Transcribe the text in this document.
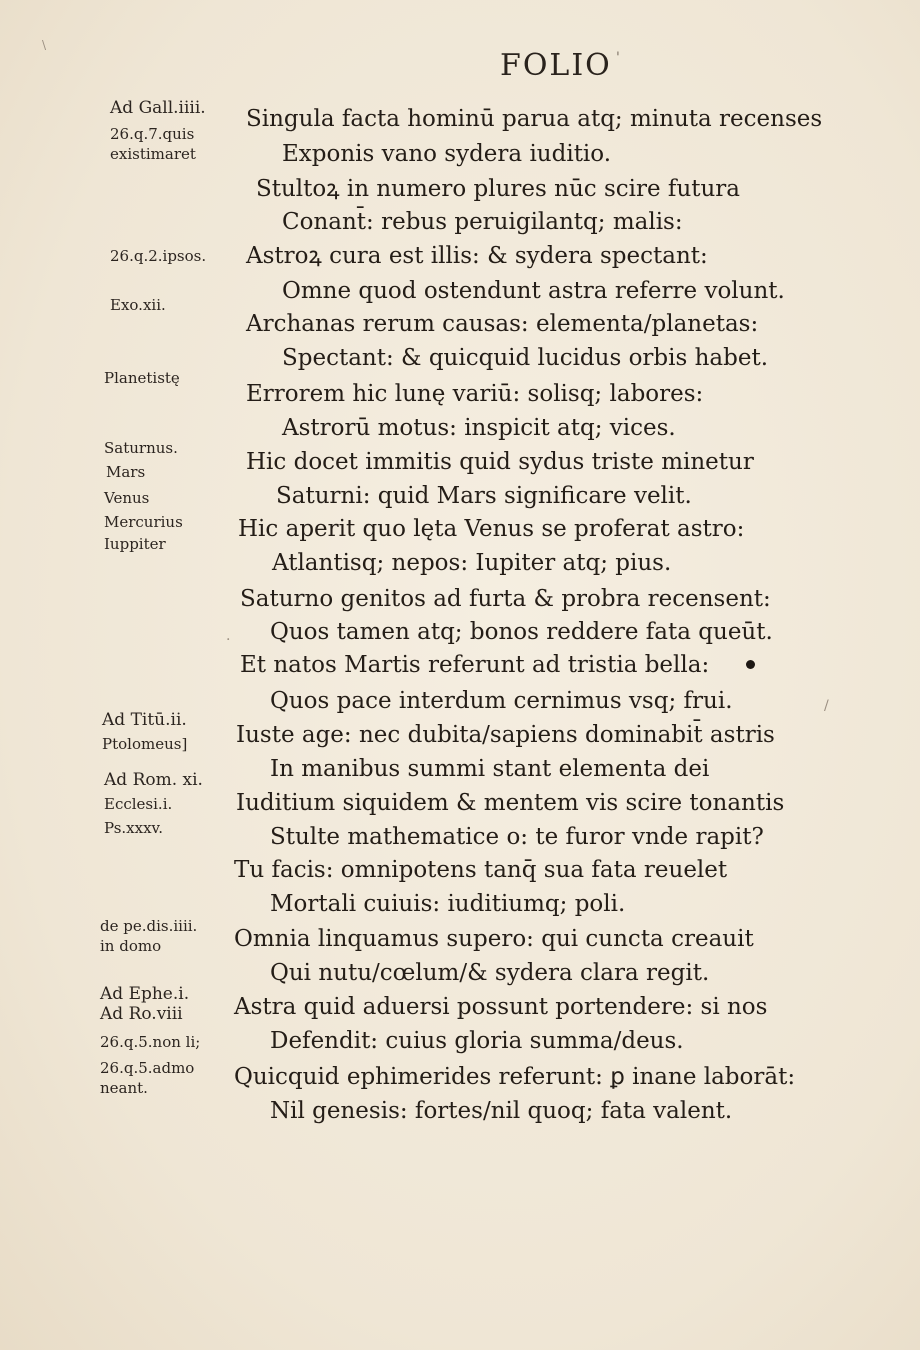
\
FOLIO '
Singula facta hominū parua atq; minuta recenses
Exponis vano sydera iuditio.
Stultoꝝ in numero plures nūc scire futura
Conant̄: rebus peruigilantq; malis:
Astroꝝ cura est illis: & sydera spectant:
Omne quod ostendunt astra referre volunt.
Archanas rerum causas: elementa/planetas:
Spectant: & quicquid lucidus orbis habet.
Errorem hic lunę variū: solisq; labores:
Astrorū motus: inspicit atq; vices.
Hic docet immitis quid sydus triste minetur
Saturni: quid Mars significare velit.
Hic aperit quo lęta Venus se proferat astro:
Atlantisq; nepos: Iupiter atq; pius.
Saturno genitos ad furta & probra recensent:
Quos tamen atq; bonos reddere fata queūt.
Et natos Martis referunt ad tristia bella:
Quos pace interdum cernimus vsq; frui.
Iuste age: nec dubita/sapiens dominabit̄ astris
In manibus summi stant elementa dei
Iuditium siquidem & mentem vis scire tonantis
Stulte mathematice o: te furor vnde rapit?
Tu facis: omnipotens tanq̄ sua fata reuelet
Mortali cuiuis: iuditiumq; poli.
Omnia linquamus supero: qui cuncta creauit
Qui nutu/cœlum/& sydera clara regit.
Astra quid aduersi possunt portendere: si nos
Defendit: cuius gloria summa/deus.
Quicquid ephimerides referunt: ꝑ inane laborāt:
Nil genesis: fortes/nil quoq; fata valent.
Ad Gall.iiii.
26.q.7.quis
existimaret
26.q.2.ipsos.
Exo.xii.
Planetistę
Saturnus.
Mars
Venus
Mercurius
Iuppiter
Ad Titū.ii.
Ptolomeus]
Ad Rom. xi.
Ecclesi.i.
Ps.xxxv.
de pe.dis.iiii.
in domo
Ad Ephe.i.
Ad Ro.viii
26.q.5.non li;
26.q.5.admo
neant.
/
.
